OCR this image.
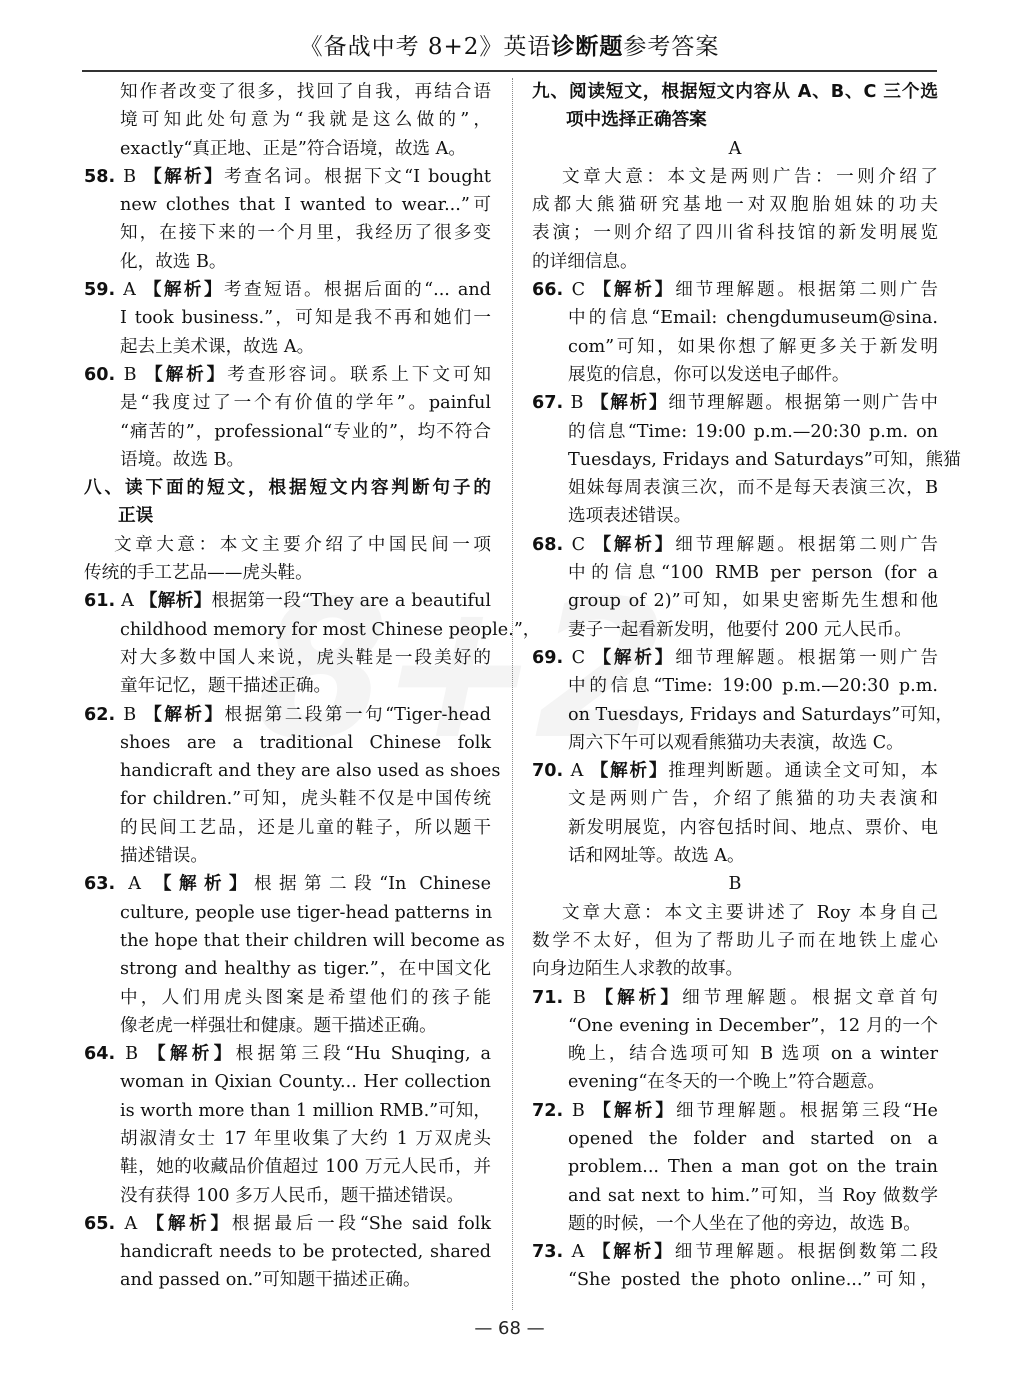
《备战中考 8+2》英语诊断题参考答案
知作者改变了很多，找回了自我，再结合语
境可知此处句意为“我就是这么做的”，
exactly“真正地、正是”符合语境，故选 A。
58. B 【解析】考查名词。根据下文“I bought
new clothes that I wanted to wear...”可
知，在接下来的一个月里，我经历了很多变
化，故选 B。
59. A 【解析】考查短语。根据后面的“... and
I took business.”，可知是我不再和她们一
起去上美术课，故选 A。
60. B 【解析】考查形容词。联系上下文可知
是“我度过了一个有价值的学年”。painful
“痛苦的”，professional“专业的”，均不符合
语境。故选 B。
八、读下面的短文，根据短文内容判断句子的
正误
文章大意：本文主要介绍了中国民间一项
传统的手工艺品——虎头鞋。
61. A 【解析】根据第一段“They are a beautiful
childhood memory for most Chinese people.”，
对大多数中国人来说，虎头鞋是一段美好的
童年记忆，题干描述正确。
62. B 【解析】根据第二段第一句“Tiger-head
shoes are a traditional Chinese folk
handicraft and they are also used as shoes
for children.”可知，虎头鞋不仅是中国传统
的民间工艺品，还是儿童的鞋子，所以题干
描述错误。
63. A 【解析】根据第二段“In Chinese
culture, people use tiger-head patterns in
the hope that their children will become as
strong and healthy as tiger.”，在中国文化
中，人们用虎头图案是希望他们的孩子能
像老虎一样强壮和健康。题干描述正确。
64. B 【解析】根据第三段“Hu Shuqing, a
woman in Qixian County... Her collection
is worth more than 1 million RMB.”可知，
胡淑清女士 17 年里收集了大约 1 万双虎头
鞋，她的收藏品价值超过 100 万元人民币，并
没有获得 100 多万人民币，题干描述错误。
65. A 【解析】根据最后一段“She said folk
handicraft needs to be protected, shared
and passed on.”可知题干描述正确。
九、阅读短文，根据短文内容从 A、B、C 三个选
项中选择正确答案
A
文章大意：本文是两则广告：一则介绍了
成都大熊猫研究基地一对双胞胎姐妹的功夫
表演；一则介绍了四川省科技馆的新发明展览
的详细信息。
66. C 【解析】细节理解题。根据第二则广告
中的信息“Email: chengdumuseum@sina.
com”可知，如果你想了解更多关于新发明
展览的信息，你可以发送电子邮件。
67. B 【解析】细节理解题。根据第一则广告中
的信息“Time: 19:00 p.m.—20:30 p.m. on
Tuesdays, Fridays and Saturdays”可知，熊猫
姐妹每周表演三次，而不是每天表演三次，B
选项表述错误。
68. C 【解析】细节理解题。根据第二则广告
中的信息“100 RMB per person (for a
group of 2)”可知，如果史密斯先生想和他
妻子一起看新发明，他要付 200 元人民币。
69. C 【解析】细节理解题。根据第一则广告
中的信息“Time: 19:00 p.m.—20:30 p.m.
on Tuesdays, Fridays and Saturdays”可知，
周六下午可以观看熊猫功夫表演，故选 C。
70. A 【解析】推理判断题。通读全文可知，本
文是两则广告，介绍了熊猫的功夫表演和
新发明展览，内容包括时间、地点、票价、电
话和网址等。故选 A。
B
文章大意：本文主要讲述了 Roy 本身自己
数学不太好，但为了帮助儿子而在地铁上虚心
向身边陌生人求教的故事。
71. B 【解析】细节理解题。根据文章首句
“One evening in December”，12 月的一个
晚上，结合选项可知 B 选项 on a winter
evening“在冬天的一个晚上”符合题意。
72. B 【解析】细节理解题。根据第三段“He
opened the folder and started on a
problem... Then a man got on the train
and sat next to him.”可知，当 Roy 做数学
题的时候，一个人坐在了他的旁边，故选 B。
73. A 【解析】细节理解题。根据倒数第二段
“She posted the photo online...”可知，
— 68 —
